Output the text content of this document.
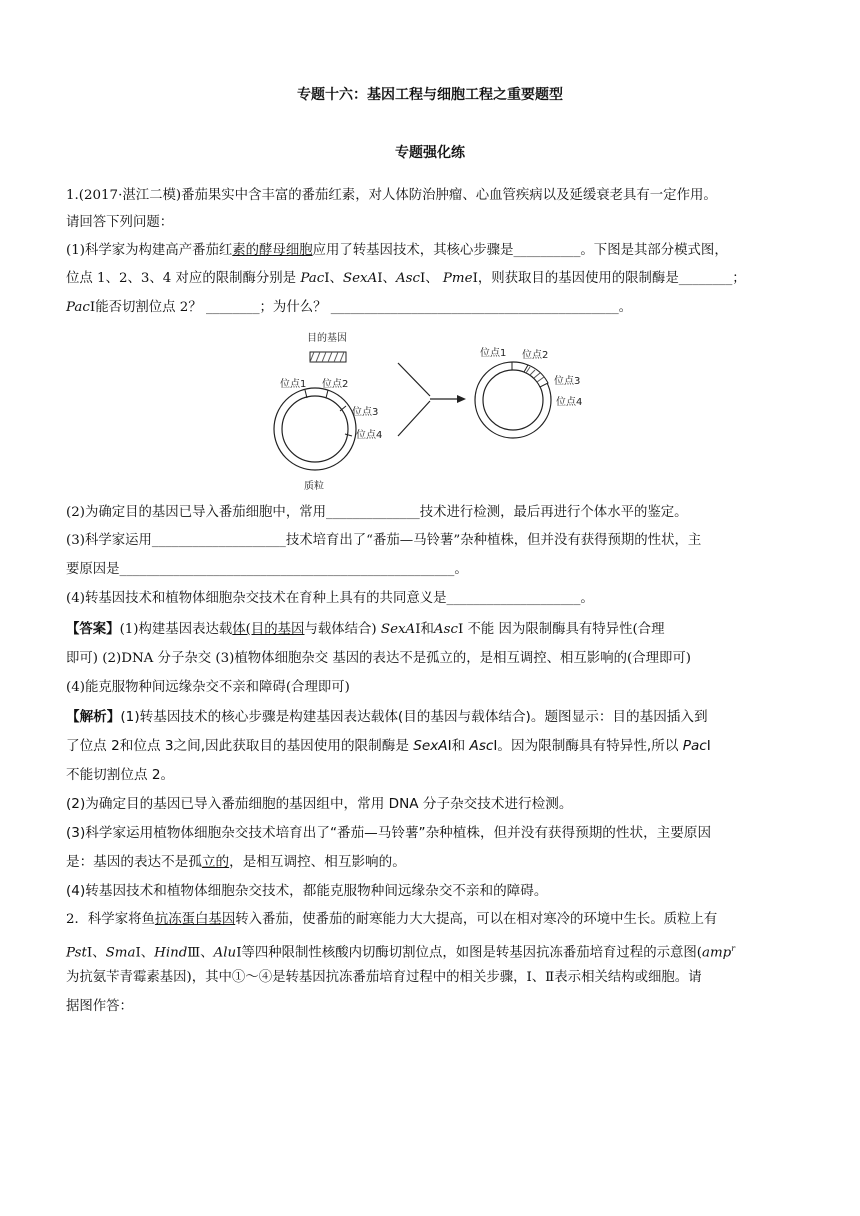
专题十六：基因工程与细胞工程之重要题型
专题强化练
1.(2017·湛江二模)番茄果实中含丰富的番茄红素，对人体防治肿瘤、心血管疾病以及延缓衰老具有一定作用。
请回答下列问题：
(1)科学家为构建高产番茄红素的酵母细胞应用了转基因技术，其核心步骤是__________。下图是其部分模式图，
位点 1、2、3、4 对应的限制酶分别是 PacⅠ、SexAⅠ、AscⅠ、 PmeⅠ，则获取目的基因使用的限制酶是________；
PacⅠ能否切割位点 2？ ________；为什么？ ___________________________________________。
目的基因
位点1 位点2
位点3
位点4
质粒
位点1 位点2
位点3
位点4
(2)为确定目的基因已导入番茄细胞中，常用______________技术进行检测，最后再进行个体水平的鉴定。
(3)科学家运用____________________技术培育出了“番茄—马铃薯”杂种植株，但并没有获得预期的性状，主
要原因是__________________________________________________。
(4)转基因技术和植物体细胞杂交技术在育种上具有的共同意义是____________________。
【答案】(1)构建基因表达载体(目的基因与载体结合) SexAⅠ和AscⅠ 不能 因为限制酶具有特异性(合理
即可) (2)DNA 分子杂交 (3)植物体细胞杂交 基因的表达不是孤立的，是相互调控、相互影响的(合理即可)
(4)能克服物种间远缘杂交不亲和障碍(合理即可)
【解析】(1)转基因技术的核心步骤是构建基因表达载体(目的基因与载体结合)。题图显示：目的基因插入到
了位点 2和位点 3之间,因此获取目的基因使用的限制酶是 SexAⅠ和 AscⅠ。因为限制酶具有特异性,所以 PacⅠ
不能切割位点 2。
(2)为确定目的基因已导入番茄细胞的基因组中，常用 DNA 分子杂交技术进行检测。
(3)科学家运用植物体细胞杂交技术培育出了“番茄—马铃薯”杂种植株，但并没有获得预期的性状，主要原因
是：基因的表达不是孤立的，是相互调控、相互影响的。
(4)转基因技术和植物体细胞杂交技术，都能克服物种间远缘杂交不亲和的障碍。
2．科学家将鱼抗冻蛋白基因转入番茄，使番茄的耐寒能力大大提高，可以在相对寒冷的环境中生长。质粒上有
PstⅠ、SmaⅠ、HindⅢ、AluⅠ等四种限制性核酸内切酶切割位点，如图是转基因抗冻番茄培育过程的示意图(amp$^r$
为抗氨苄青霉素基因)，其中①～④是转基因抗冻番茄培育过程中的相关步骤，Ⅰ、Ⅱ表示相关结构或细胞。请
据图作答：
